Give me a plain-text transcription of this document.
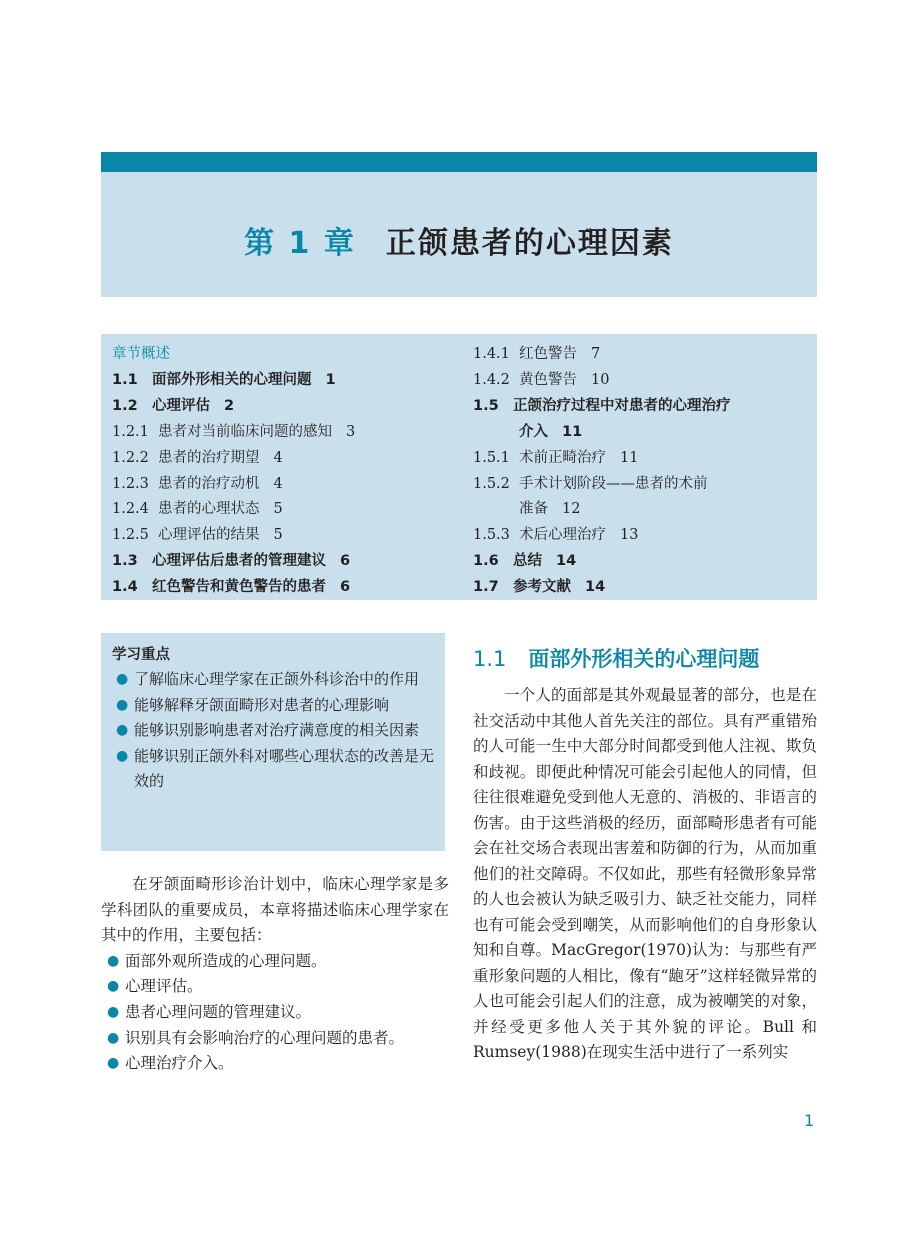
第 1 章 正颌患者的心理因素
章节概述
1.1 面部外形相关的心理问题 1
1.2 心理评估 2
1.2.1 患者对当前临床问题的感知 3
1.2.2 患者的治疗期望 4
1.2.3 患者的治疗动机 4
1.2.4 患者的心理状态 5
1.2.5 心理评估的结果 5
1.3 心理评估后患者的管理建议 6
1.4 红色警告和黄色警告的患者 6
1.4.1 红色警告 7
1.4.2 黄色警告 10
1.5 正颌治疗过程中对患者的心理治疗
介入 11
1.5.1 术前正畸治疗 11
1.5.2 手术计划阶段——患者的术前
准备 12
1.5.3 术后心理治疗 13
1.6 总结 14
1.7 参考文献 14
学习重点
● 了解临床心理学家在正颌外科诊治中的作用
● 能够解释牙颌面畸形对患者的心理影响
● 能够识别影响患者对治疗满意度的相关因素
● 能够识别正颌外科对哪些心理状态的改善是无效的

在牙颌面畸形诊治计划中，临床心理学家是多学科团队的重要成员，本章将描述临床心理学家在其中的作用，主要包括：

● 面部外观所造成的心理问题。
● 心理评估。
● 患者心理问题的管理建议。
● 识别具有会影响治疗的心理问题的患者。
● 心理治疗介入。
1.1 面部外形相关的心理问题

一个人的面部是其外观最显著的部分，也是在社交活动中其他人首先关注的部位。具有严重错殆的人可能一生中大部分时间都受到他人注视、欺负和歧视。即便此种情况可能会引起他人的同情，但往往很难避免受到他人无意的、消极的、非语言的伤害。由于这些消极的经历，面部畸形患者有可能会在社交场合表现出害羞和防御的行为，从而加重他们的社交障碍。不仅如此，那些有轻微形象异常的人也会被认为缺乏吸引力、缺乏社交能力，同样也有可能会受到嘲笑，从而影响他们的自身形象认知和自尊。MacGregor(1970)认为：与那些有严重形象问题的人相比，像有“龅牙”这样轻微异常的人也可能会引起人们的注意，成为被嘲笑的对象，并经受更多他人关于其外貌的评论。Bull 和 Rumsey(1988)在现实生活中进行了一系列实

1
